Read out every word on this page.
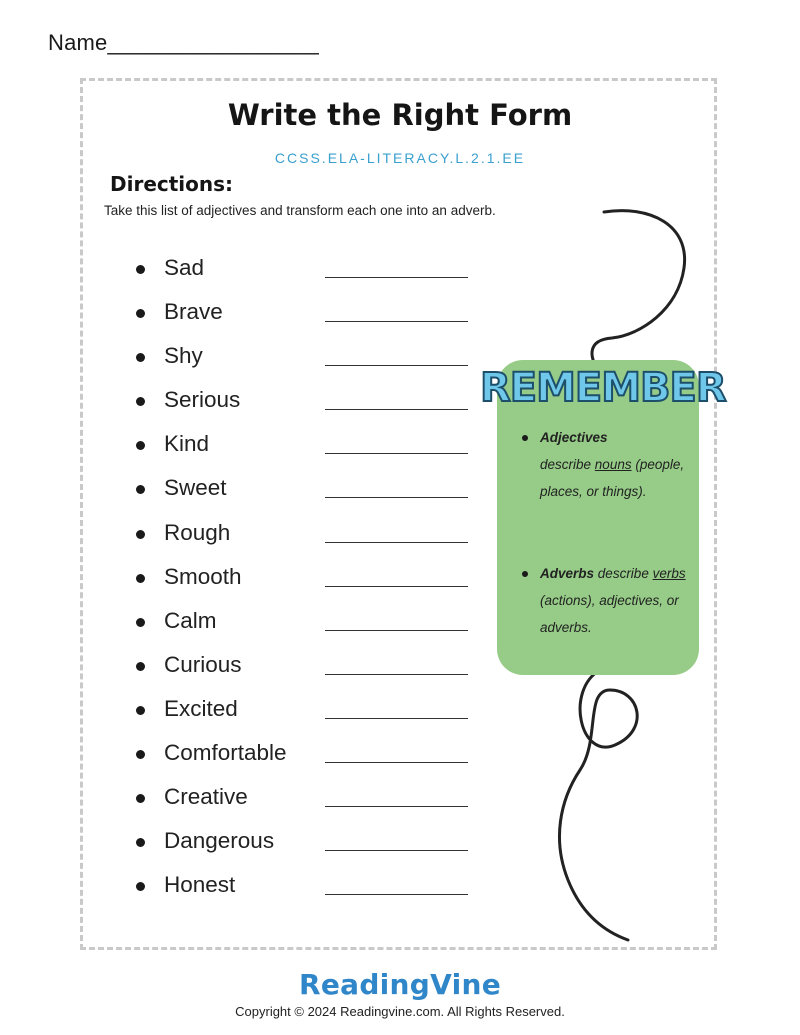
Name_________________
Write the Right Form
CCSS.ELA-LITERACY.L.2.1.EE
Directions:
Take this list of adjectives and transform each one into an adverb.
Sad
Brave
Shy
Serious
Kind
Sweet
Rough
Smooth
Calm
Curious
Excited
Comfortable
Creative
Dangerous
Honest
REMEMBER
Adjectives
describe nouns (people, places, or things).
Adverbs describe verbs (actions), adjectives, or adverbs.
ReadingVine
Copyright © 2024 Readingvine.com. All Rights Reserved.
